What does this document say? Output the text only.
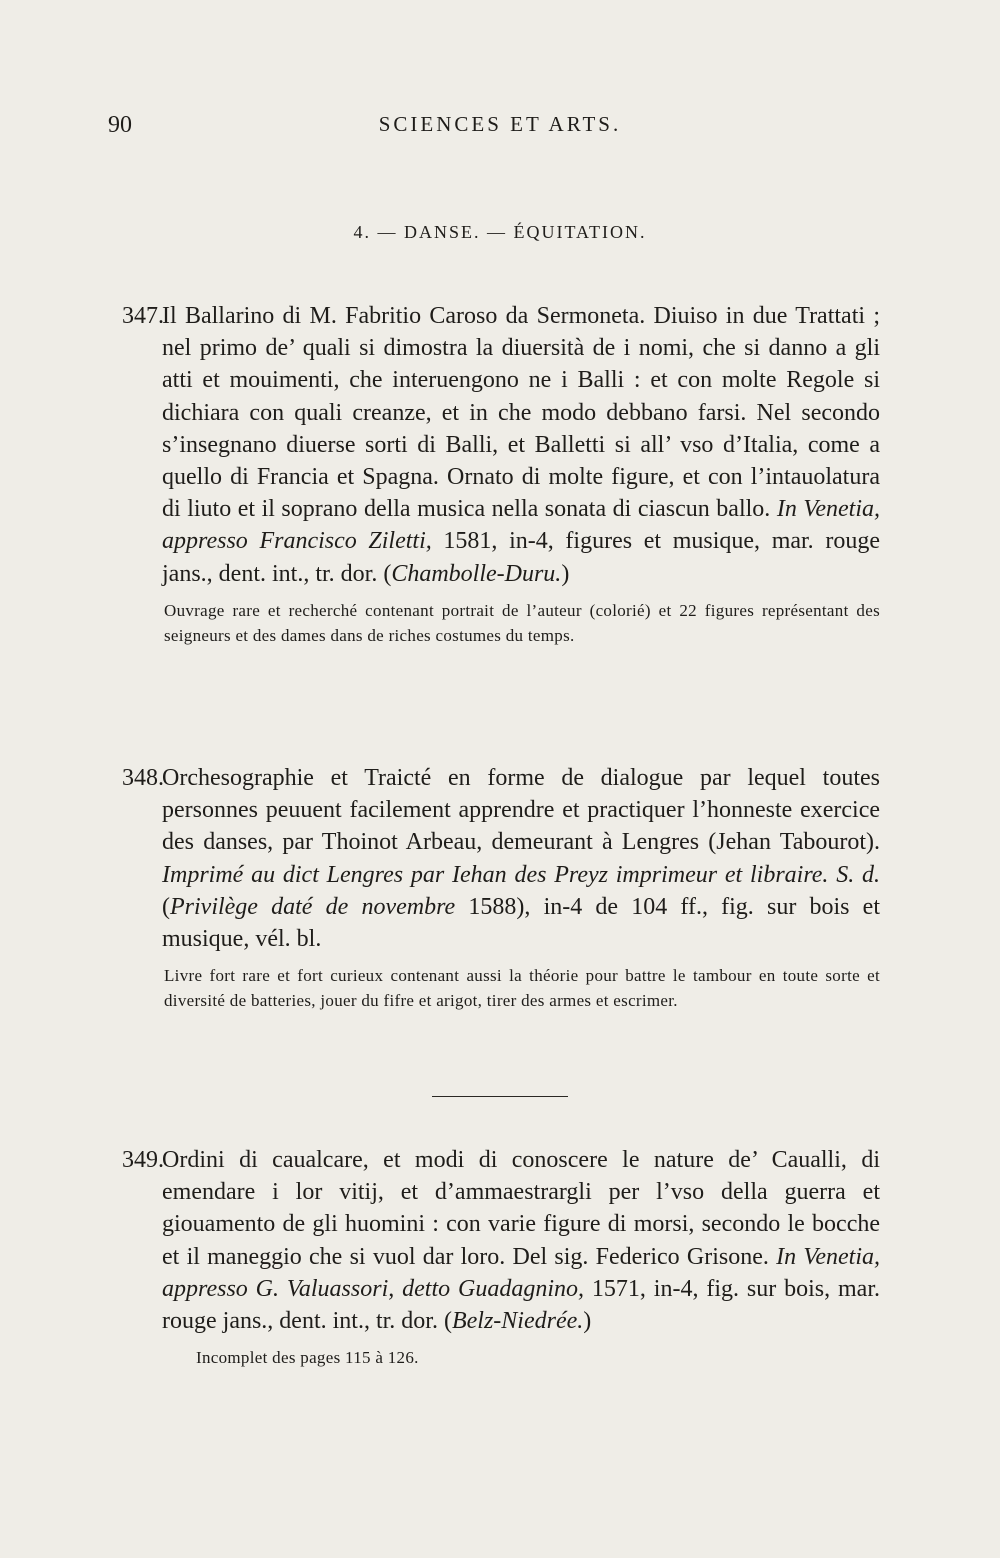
90	SCIENCES ET ARTS.
4. — DANSE. — ÉQUITATION.

347.Il Ballarino di M. Fabritio Caroso da Sermoneta. Diuiso in due Trattati ; nel primo de’ quali si dimostra la diuersità de i nomi, che si danno a gli atti et mouimenti, che interuengono ne i Balli : et con molte Regole si dichiara con quali creanze, et in che modo debbano farsi. Nel secondo s’insegnano diuerse sorti di Balli, et Balletti si all’ vso d’Italia, come a quello di Francia et Spagna. Ornato di molte figure, et con l’intauolatura di liuto et il soprano della musica nella sonata di ciascun ballo. In Venetia, appresso Francisco Ziletti, 1581, in-4, figures et musique, mar. rouge jans., dent. int., tr. dor. (Chambolle-Duru.)

Ouvrage rare et recherché contenant portrait de l’auteur (colorié) et 22 figures représentant des seigneurs et des dames dans de riches costumes du temps.

348.Orchesographie et Traicté en forme de dialogue par lequel toutes personnes peuuent facilement apprendre et practiquer l’honneste exercice des danses, par Thoinot Arbeau, demeurant à Lengres (Jehan Tabourot). Imprimé au dict Lengres par Iehan des Preyz imprimeur et libraire. S. d. (Privilège daté de novembre 1588), in-4 de 104 ff., fig. sur bois et musique, vél. bl.

Livre fort rare et fort curieux contenant aussi la théorie pour battre le tambour en toute sorte et diversité de batteries, jouer du fifre et arigot, tirer des armes et escrimer.

349.Ordini di caualcare, et modi di conoscere le nature de’ Caualli, di emendare i lor vitij, et d’ammaestrargli per l’vso della guerra et giouamento de gli huomini : con varie figure di morsi, secondo le bocche et il maneggio che si vuol dar loro. Del sig. Federico Grisone. In Venetia, appresso G. Valuassori, detto Guadagnino, 1571, in-4, fig. sur bois, mar. rouge jans., dent. int., tr. dor. (Belz-Niedrée.)

Incomplet des pages 115 à 126.
